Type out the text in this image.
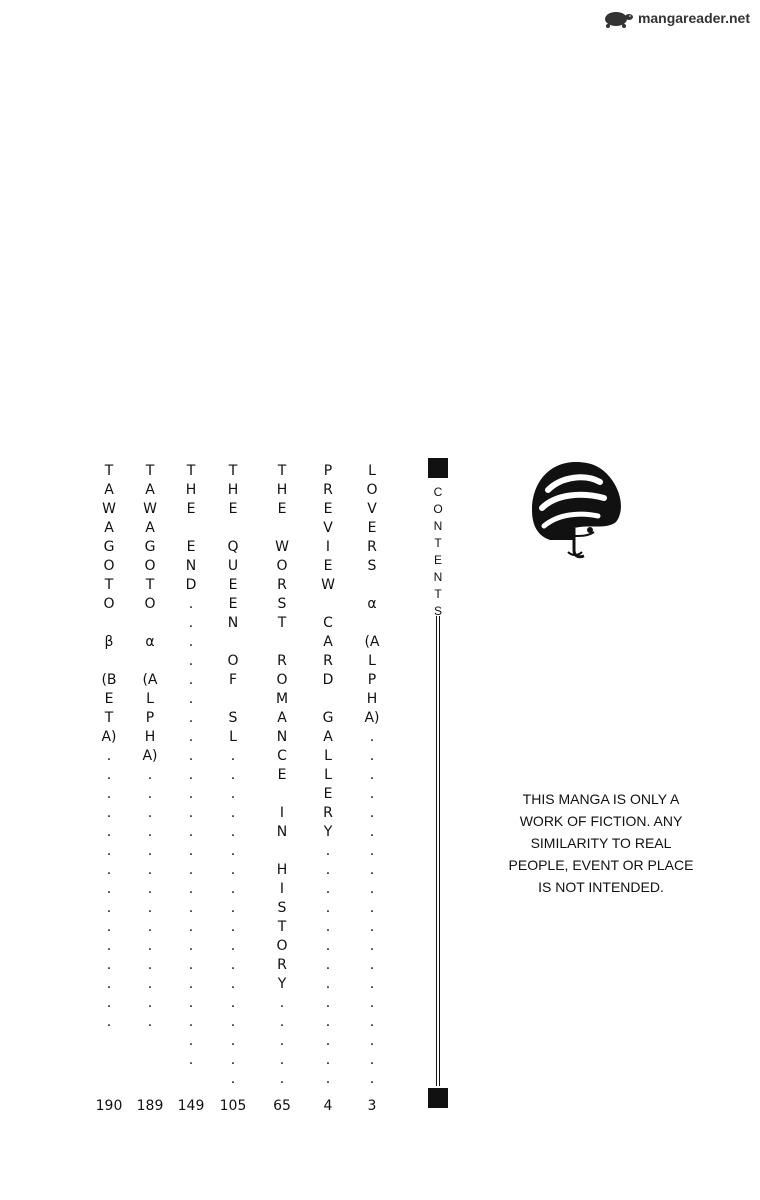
mangareader.net
T
A
W
A
G
O
T
O
β
(B
E
T
A)
.
.
.
.
.
.
.
.
.
.
.
.
.
.
.
190
T
A
W
A
G
O
T
O
α
(A
L
P
H
A)
.
.
.
.
.
.
.
.
.
.
.
.
.
.
189
T
H
E
E
N
D
.
.
.
.
.
.
.
.
.
.
.
.
.
.
.
.
.
.
.
.
.
.
.
.
.
149
T
H
E
Q
U
E
E
N
O
F
S
L
.
.
.
.
.
.
.
.
.
.
.
.
.
.
.
.
.
.
105
T
H
E
W
O
R
S
T
R
O
M
A
N
C
E
I
N
H
I
S
T
O
R
Y
.
.
.
.
.
65
P
R
E
V
I
E
W
C
A
R
D
G
A
L
L
E
R
Y
.
.
.
.
.
.
.
.
.
.
.
.
.
4
L
O
V
E
R
S
α
(A
L
P
H
A)
.
.
.
.
.
.
.
.
.
.
.
.
.
.
.
.
.
.
.
3
C
O
N
T
E
N
T
S
THIS MANGA IS ONLY A
WORK OF FICTION. ANY
SIMILARITY TO REAL
PEOPLE, EVENT OR PLACE
IS NOT INTENDED.
